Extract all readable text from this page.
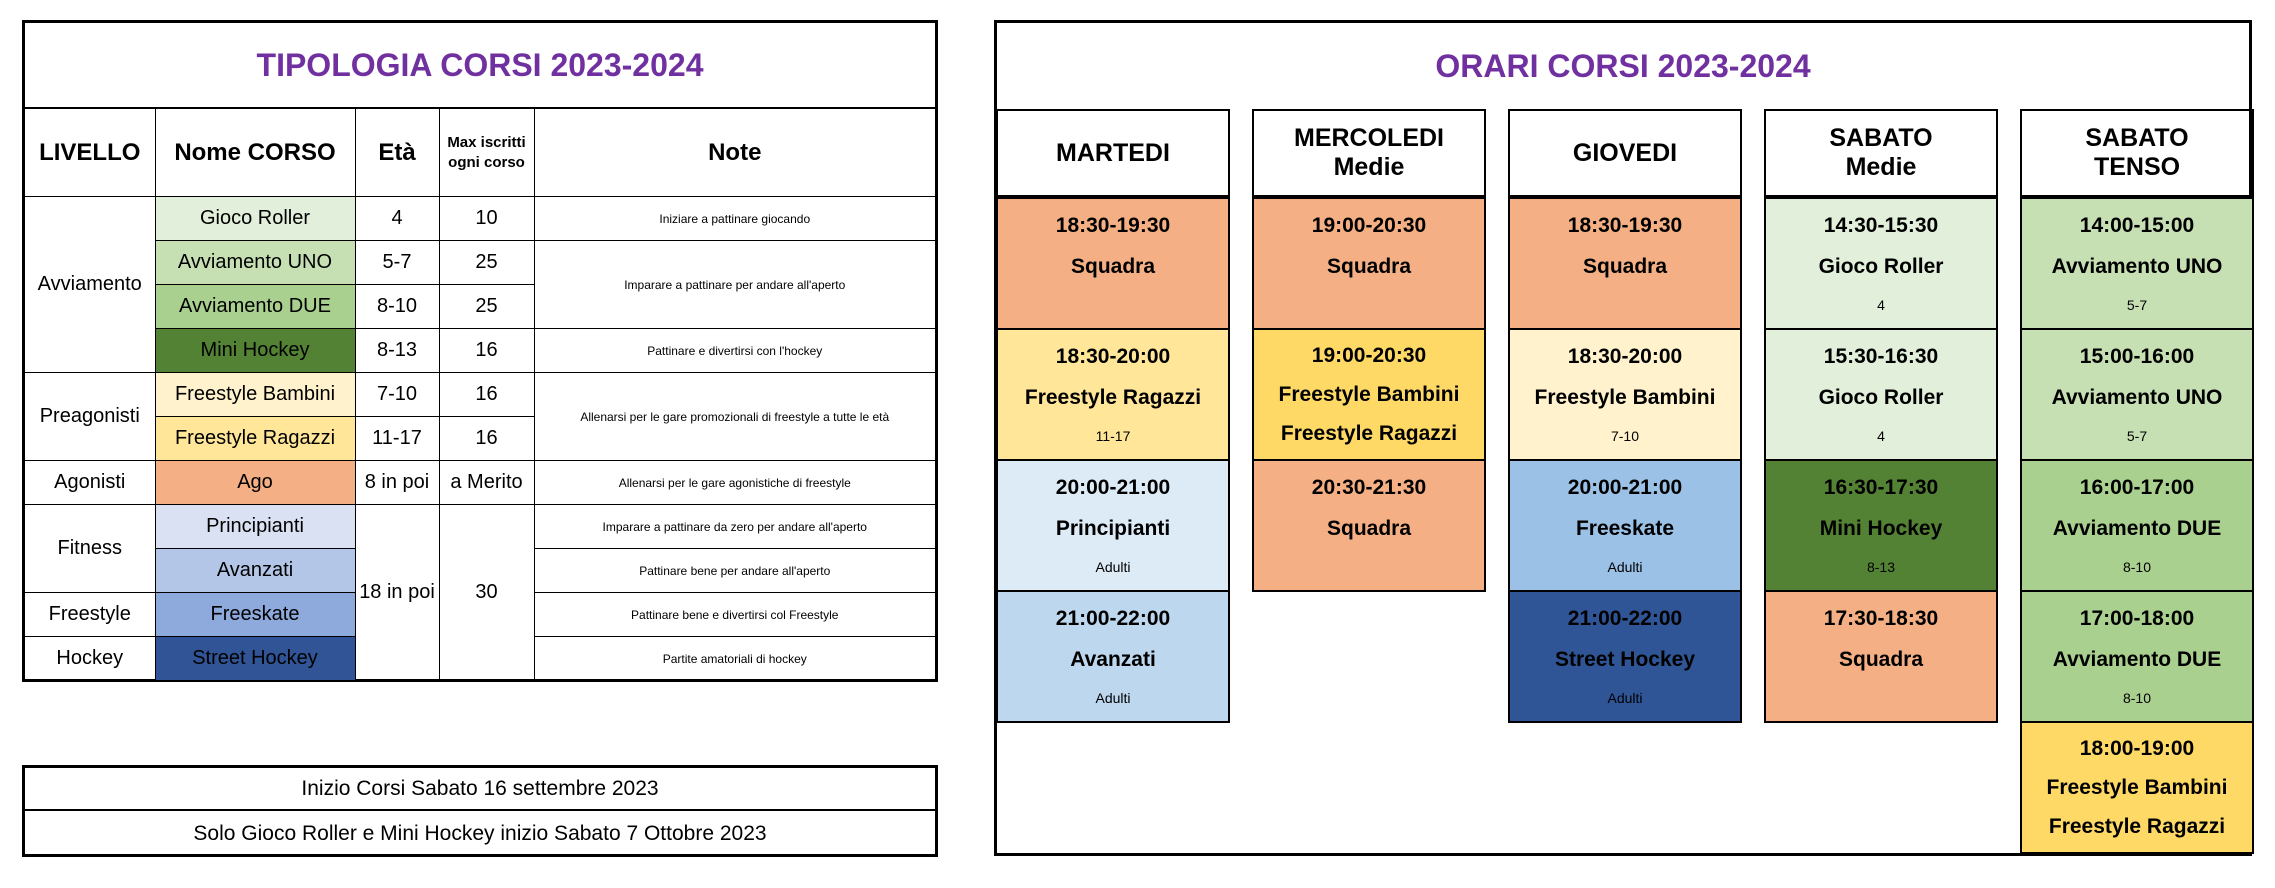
TIPOLOGIA CORSI 2023-2024
LIVELLO	Nome CORSO	Età	Max iscritti ogni corso	Note
Avviamento	Gioco Roller	4	10	Iniziare a pattinare giocando
	Avviamento UNO	5-7	25	Imparare a pattinare per andare all'aperto
	Avviamento DUE	8-10	25	
	Mini Hockey	8-13	16	Pattinare e divertirsi con l'hockey
Preagonisti	Freestyle Bambini	7-10	16	Allenarsi per le gare promozionali di freestyle a tutte le età
	Freestyle Ragazzi	11-17	16	
Agonisti	Ago	8 in poi	a Merito	Allenarsi per le gare agonistiche di freestyle
Fitness	Principianti	18 in poi	30	Imparare a pattinare da zero per andare all'aperto
	Avanzati			Pattinare bene per andare all'aperto
Freestyle	Freeskate			Pattinare bene e divertirsi col Freestyle
Hockey	Street Hockey			Partite amatoriali di hockey
Inizio Corsi Sabato 16 settembre 2023
Solo Gioco Roller e Mini Hockey inizio Sabato 7 Ottobre 2023
ORARI CORSI 2023-2024
MARTEDI
18:30-19:30
Squadra
18:30-20:00
Freestyle Ragazzi
11-17
20:00-21:00
Principianti
Adulti
21:00-22:00
Avanzati
Adulti
MERCOLEDI
Medie
19:00-20:30
Squadra
19:00-20:30
Freestyle Bambini
Freestyle Ragazzi
20:30-21:30
Squadra
GIOVEDI
18:30-19:30
Squadra
18:30-20:00
Freestyle Bambini
7-10
20:00-21:00
Freeskate
Adulti
21:00-22:00
Street Hockey
Adulti
SABATO
Medie
14:30-15:30
Gioco Roller
4
15:30-16:30
Gioco Roller
4
16:30-17:30
Mini Hockey
8-13
17:30-18:30
Squadra
SABATO
TENSO
14:00-15:00
Avviamento UNO
5-7
15:00-16:00
Avviamento UNO
5-7
16:00-17:00
Avviamento DUE
8-10
17:00-18:00
Avviamento DUE
8-10
18:00-19:00
Freestyle Bambini
Freestyle Ragazzi
